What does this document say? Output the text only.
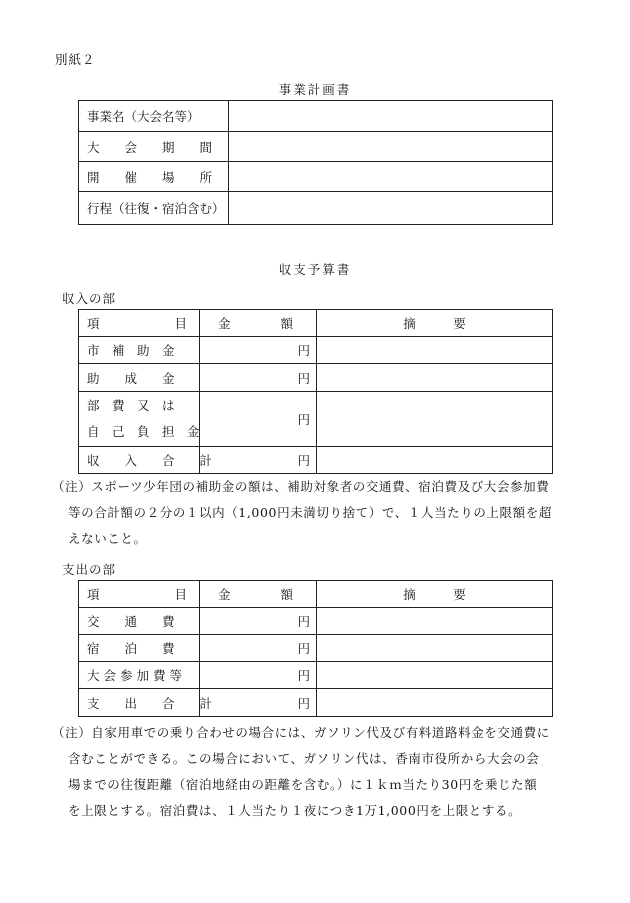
別紙２
事業計画書
事業名（大会名等）	
大　　会　　期　　間	
開　　催　　場　　所	
行程（往復・宿泊含む）	
収支予算書
収入の部
項　　　　　　目	金　　　　額	摘　　　要
市　補　助　金	円	
助　　成　　金	円	

部　費　又　は
自　己　負　担　金	円	
収　　入　　合　　計	円	
（注）スポーツ少年団の補助金の額は、補助対象者の交通費、宿泊費及び大会参加費
等の合計額の２分の１以内（1,000円未満切り捨て）で、１人当たりの上限額を超
えないこと。
支出の部
項　　　　　　目	金　　　　額	摘　　　要
交　　通　　費	円	
宿　　泊　　費	円	
大会参加費等	円	
支　　出　　合　　計	円	
（注）自家用車での乗り合わせの場合には、ガソリン代及び有料道路料金を交通費に
含むことができる。この場合において、ガソリン代は、香南市役所から大会の会
場までの往復距離（宿泊地経由の距離を含む。）に１ｋｍ当たり30円を乗じた額
を上限とする。宿泊費は、１人当たり１夜につき1万1,000円を上限とする。
